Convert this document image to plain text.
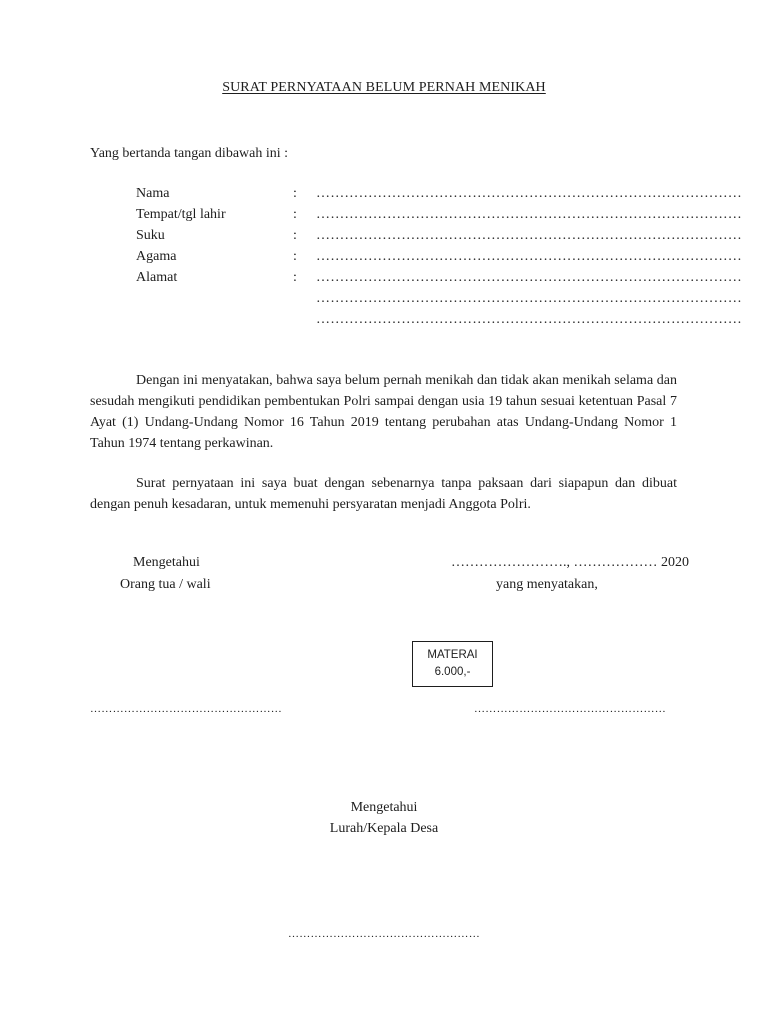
SURAT PERNYATAAN BELUM PERNAH MENIKAH
Yang bertanda tangan dibawah ini :
Nama	: ………………………………………………………………………………
Tempat/tgl lahir	: ………………………………………………………………………………
Suku	: ………………………………………………………………………………
Agama	: ………………………………………………………………………………
Alamat	: ………………………………………………………………………………
………………………………………………………………………………
………………………………………………………………………………
Dengan ini menyatakan, bahwa saya belum pernah menikah dan tidak akan menikah selama dan sesudah mengikuti pendidikan pembentukan Polri sampai dengan usia 19 tahun sesuai ketentuan Pasal 7 Ayat (1) Undang-Undang Nomor 16 Tahun 2019 tentang perubahan atas Undang-Undang Nomor 1 Tahun 1974 tentang perkawinan.
Surat pernyataan ini saya buat dengan sebenarnya tanpa paksaan dari siapapun dan dibuat dengan penuh kesadaran, untuk memenuhi persyaratan menjadi Anggota Polri.
Mengetahui
Orang tua / wali
……………………., ……………… 2020
yang menyatakan,
MATERAI
6.000,-
……………………………………………	……………………………………………
Mengetahui
Lurah/Kepala Desa
……………………………………………
